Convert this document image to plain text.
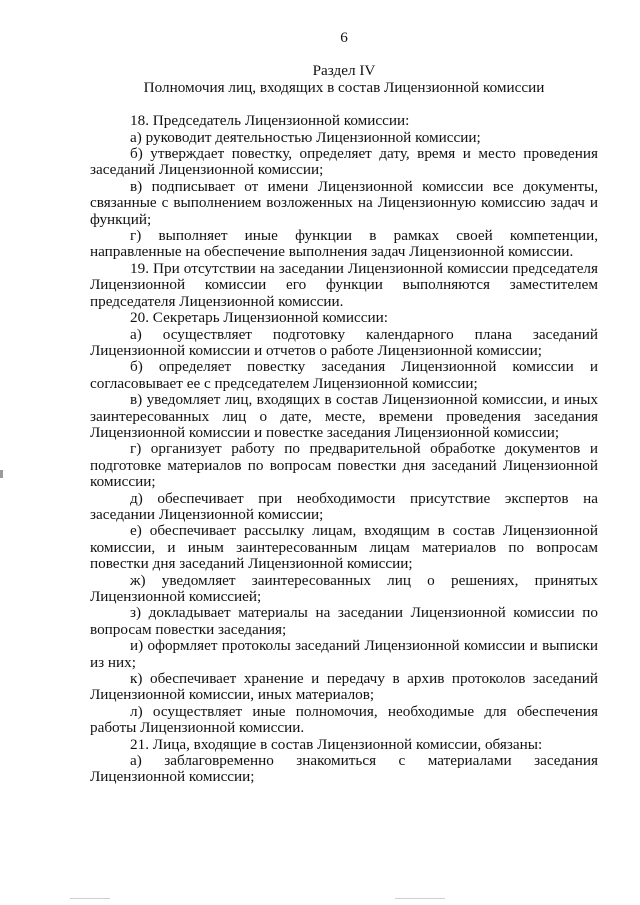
6
Раздел IV
Полномочия лиц, входящих в состав Лицензионной комиссии

18. Председатель Лицензионной комиссии:

а) руководит деятельностью Лицензионной комиссии;

б) утверждает повестку, определяет дату, время и место проведения заседаний Лицензионной комиссии;

в) подписывает от имени Лицензионной комиссии все документы, связанные с выполнением возложенных на Лицензионную комиссию задач и функций;

г) выполняет иные функции в рамках своей компетенции, направленные на обеспечение выполнения задач Лицензионной комиссии.

19. При отсутствии на заседании Лицензионной комиссии председателя Лицензионной комиссии его функции выполняются заместителем председателя Лицензионной комиссии.

20. Секретарь Лицензионной комиссии:

а) осуществляет подготовку календарного плана заседаний Лицензионной комиссии и отчетов о работе Лицензионной комиссии;

б) определяет повестку заседания Лицензионной комиссии и согласовывает ее с председателем Лицензионной комиссии;

в) уведомляет лиц, входящих в состав Лицензионной комиссии, и иных заинтересованных лиц о дате, месте, времени проведения заседания Лицензионной комиссии и повестке заседания Лицензионной комиссии;

г) организует работу по предварительной обработке документов и подготовке материалов по вопросам повестки дня заседаний Лицензионной комиссии;

д) обеспечивает при необходимости присутствие экспертов на заседании Лицензионной комиссии;

е) обеспечивает рассылку лицам, входящим в состав Лицензионной комиссии, и иным заинтересованным лицам материалов по вопросам повестки дня заседаний Лицензионной комиссии;

ж) уведомляет заинтересованных лиц о решениях, принятых Лицензионной комиссией;

з) докладывает материалы на заседании Лицензионной комиссии по вопросам повестки заседания;

и) оформляет протоколы заседаний Лицензионной комиссии и выписки из них;

к) обеспечивает хранение и передачу в архив протоколов заседаний Лицензионной комиссии, иных материалов;

л) осуществляет иные полномочия, необходимые для обеспечения работы Лицензионной комиссии.

21. Лица, входящие в состав Лицензионной комиссии, обязаны:

а) заблаговременно знакомиться с материалами заседания Лицензионной комиссии;
